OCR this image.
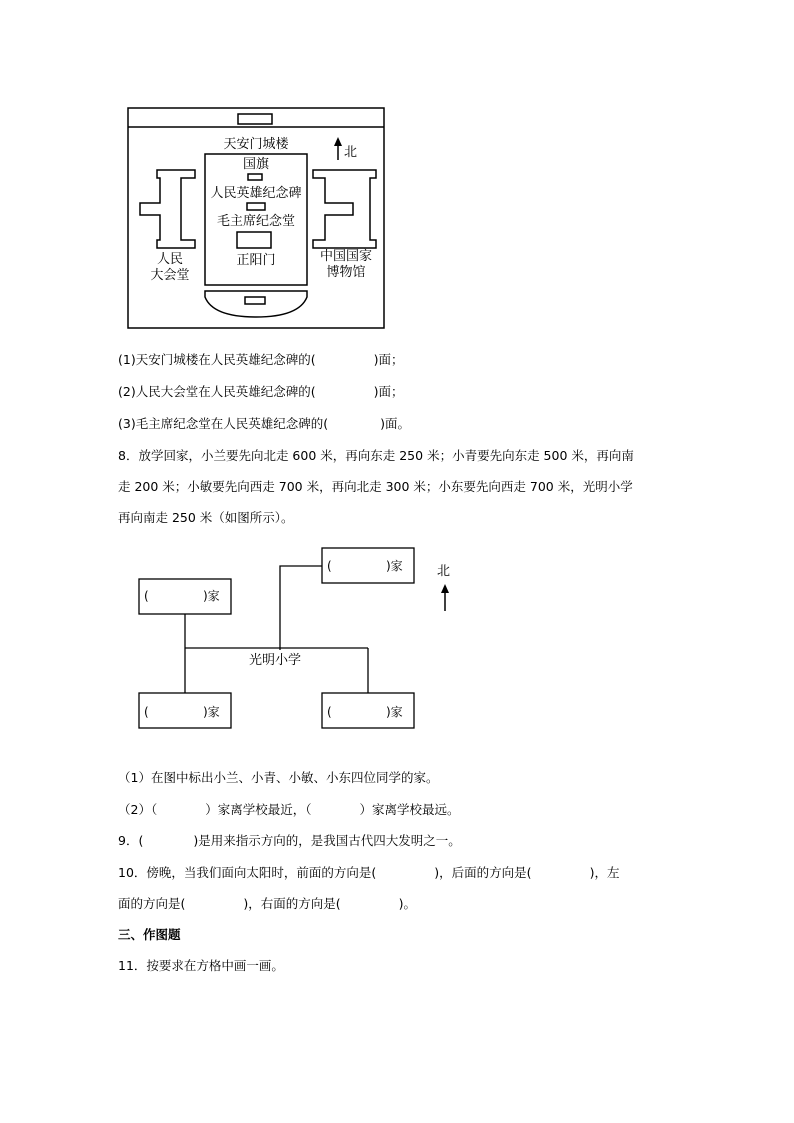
北
天安门城楼
国旗
人民英雄纪念碑
毛主席纪念堂
正阳门
人民
大会堂
中国国家
博物馆
(1)天安门城楼在人民英雄纪念碑的(	)面；
(2)人民大会堂在人民英雄纪念碑的(	)面；
(3)毛主席纪念堂在人民英雄纪念碑的(	)面。
8．放学回家，小兰要先向北走 600 米，再向东走 250 米；小青要先向东走 500 米，再向南
走 200 米；小敏要先向西走 700 米，再向北走 300 米；小东要先向西走 700 米，光明小学
再向南走 250 米（如图所示）。
光明小学
北
(	)家
(	)家
(	)家	(	)家
（1）在图中标出小兰、小青、小敏、小东四位同学的家。
（2）（	）家离学校最近，（	）家离学校最远。
9．(	)是用来指示方向的，是我国古代四大发明之一。
10．傍晚，当我们面向太阳时，前面的方向是(	)，后面的方向是(	)，左
面的方向是(	)，右面的方向是(	)。
三、作图题
11．按要求在方格中画一画。
